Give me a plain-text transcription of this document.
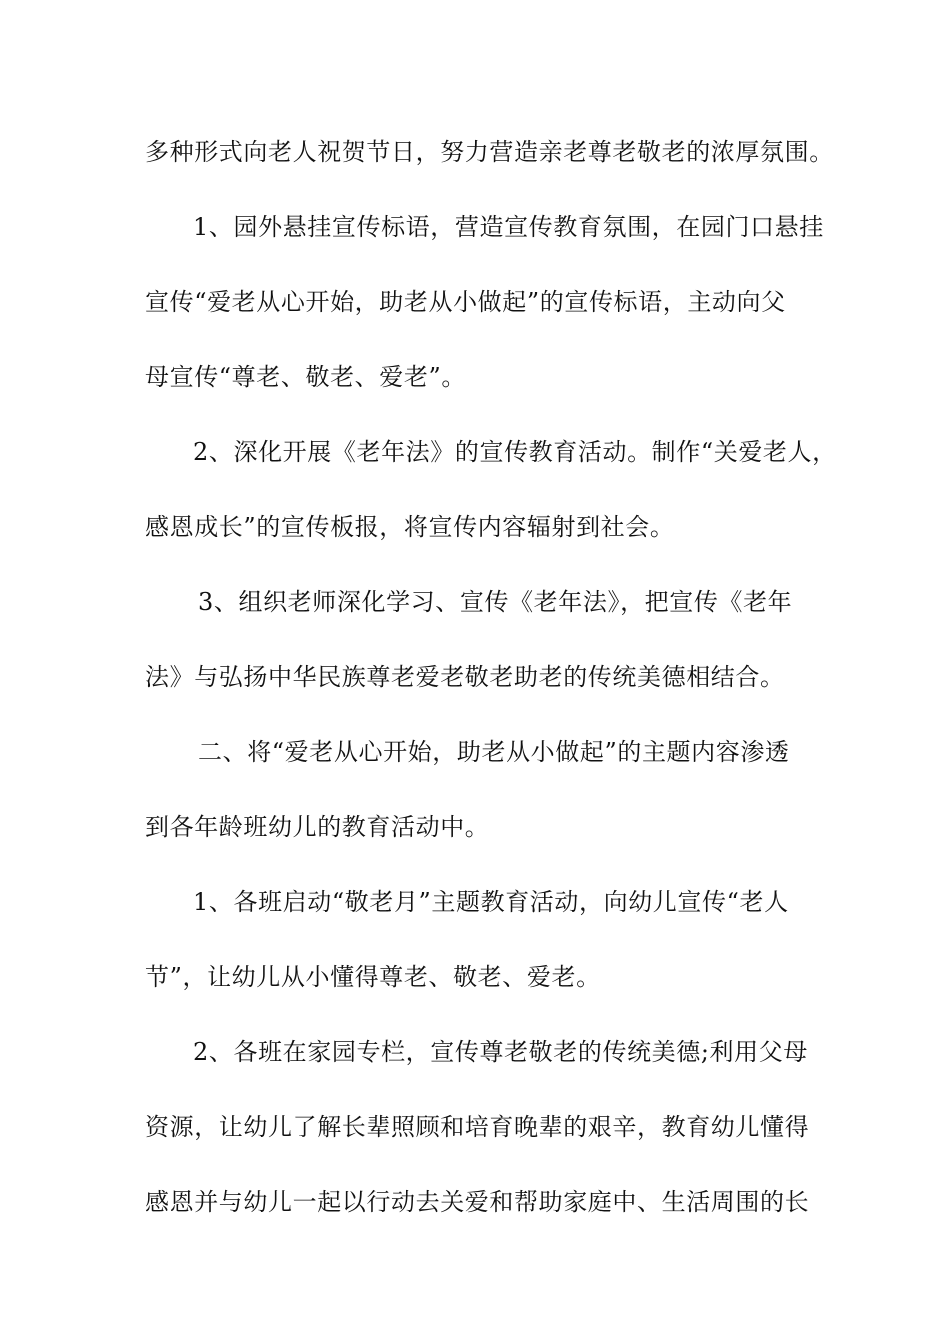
多种形式向老人祝贺节日，努力营造亲老尊老敬老的浓厚氛围。
1、园外悬挂宣传标语，营造宣传教育氛围，在园门口悬挂
宣传“爱老从心开始，助老从小做起”的宣传标语，主动向父
母宣传“尊老、敬老、爱老”。
2、深化开展《老年法》的宣传教育活动。制作“关爱老人，
感恩成长”的宣传板报，将宣传内容辐射到社会。
3、组织老师深化学习、宣传《老年法》，把宣传《老年
法》与弘扬中华民族尊老爱老敬老助老的传统美德相结合。
二、将“爱老从心开始，助老从小做起”的主题内容渗透
到各年龄班幼儿的教育活动中。
1、各班启动“敬老月”主题教育活动，向幼儿宣传“老人
节”，让幼儿从小懂得尊老、敬老、爱老。
2、各班在家园专栏，宣传尊老敬老的传统美德;利用父母
资源，让幼儿了解长辈照顾和培育晚辈的艰辛，教育幼儿懂得
感恩并与幼儿一起以行动去关爱和帮助家庭中、生活周围的长
